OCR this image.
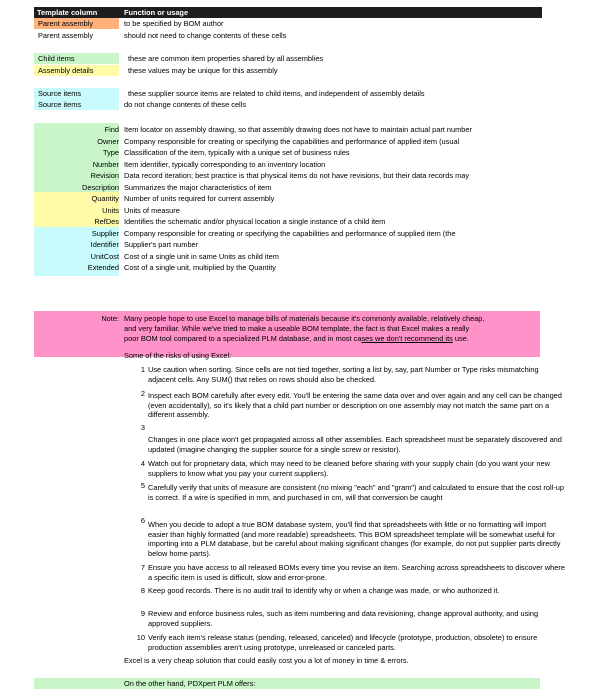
Template column	Function or usage
Parent assembly	to be specified by BOM author
Parent assembly	should not need to change contents of these cells
Child items	these are common item properties shared by all assemblies
Assembly details	these values may be unique for this assembly
Source items	these supplier source items are related to child items, and independent of assembly details
Source items	do not change contents of these cells
Find Item locator on assembly drawing, so that assembly drawing does not have to maintain actual part number
Owner Company responsible for creating or specifying the capabilities and performance of applied item (usual
Type Classification of the item, typically with a unique set of business rules
Number Item identifier, typically corresponding to an inventory location
Revision Data record iteration; best practice is that physical items do not have revisions, but their data records may
Description Summarizes the major characteristics of item
Quantity Number of units required for current assembly
Units Units of measure
RefDes Identifies the schematic and/or physical location a single instance of a child item
Supplier Company responsible for creating or specifying the capabilities and performance of supplied item (the
Identifier Supplier's part number
UnitCost Cost of a single unit in same Units as child item
Extended Cost of a single unit, multiplied by the Quantity
Note: Many people hope to use Excel to manage bills of materials because it's commonly available, relatively cheap,
and very familiar. While we've tried to make a useable BOM template, the fact is that Excel makes a really
poor BOM tool compared to a specialized PLM database, and in most cases we don't recommend its use.
Some of the risks of using Excel:
1 Use caution when sorting. Since cells are not tied together, sorting a list by, say, part Number or Type risks mismatching adjacent cells. Any SUM() that relies on rows should also be checked.
2 Inspect each BOM carefully after every edit. You'll be entering the same data over and over again and any cell can be changed (even accidentally), so it's likely that a child part number or description on one assembly may not match the same part on a different assembly.
3
Changes in one place won't get propagated across all other assemblies. Each spreadsheet must be separately discovered and updated (imagine changing the supplier source for a single screw or resistor).
4 Watch out for proprietary data, which may need to be cleaned before sharing with your supply chain (do you want your new suppliers to know what you pay your current suppliers).
5 Carefully verify that units of measure are consistent (no mixing "each" and "gram") and calculated to ensure that the cost roll-up is correct. If a wire is specified in mm, and purchased in cm, will that conversion be caught
6 When you decide to adopt a true BOM database system, you'll find that spreadsheets with little or no formatting will import easier than highly formatted (and more readable) spreadsheets. This BOM spreadsheet template will be somewhat useful for importing into a PLM database, but be careful about making significant changes (for example, do not put supplier parts directly below home parts).
7 Ensure you have access to all released BOMs every time you revise an item. Searching across spreadsheets to discover where a specific item is used is difficult, slow and error-prone.
8 Keep good records. There is no audit trail to identify why or when a change was made, or who authorized it.
9 Review and enforce business rules, such as item numbering and data revisioning, change approval authority, and using approved suppliers.
10 Verify each item's release status (pending, released, canceled) and lifecycle (prototype, production, obsolete) to ensure production assemblies aren't using prototype, unreleased or canceled parts.
Excel is a very cheap solution that could easily cost you a lot of money in time & errors.
On the other hand, PDXpert PLM offers:
